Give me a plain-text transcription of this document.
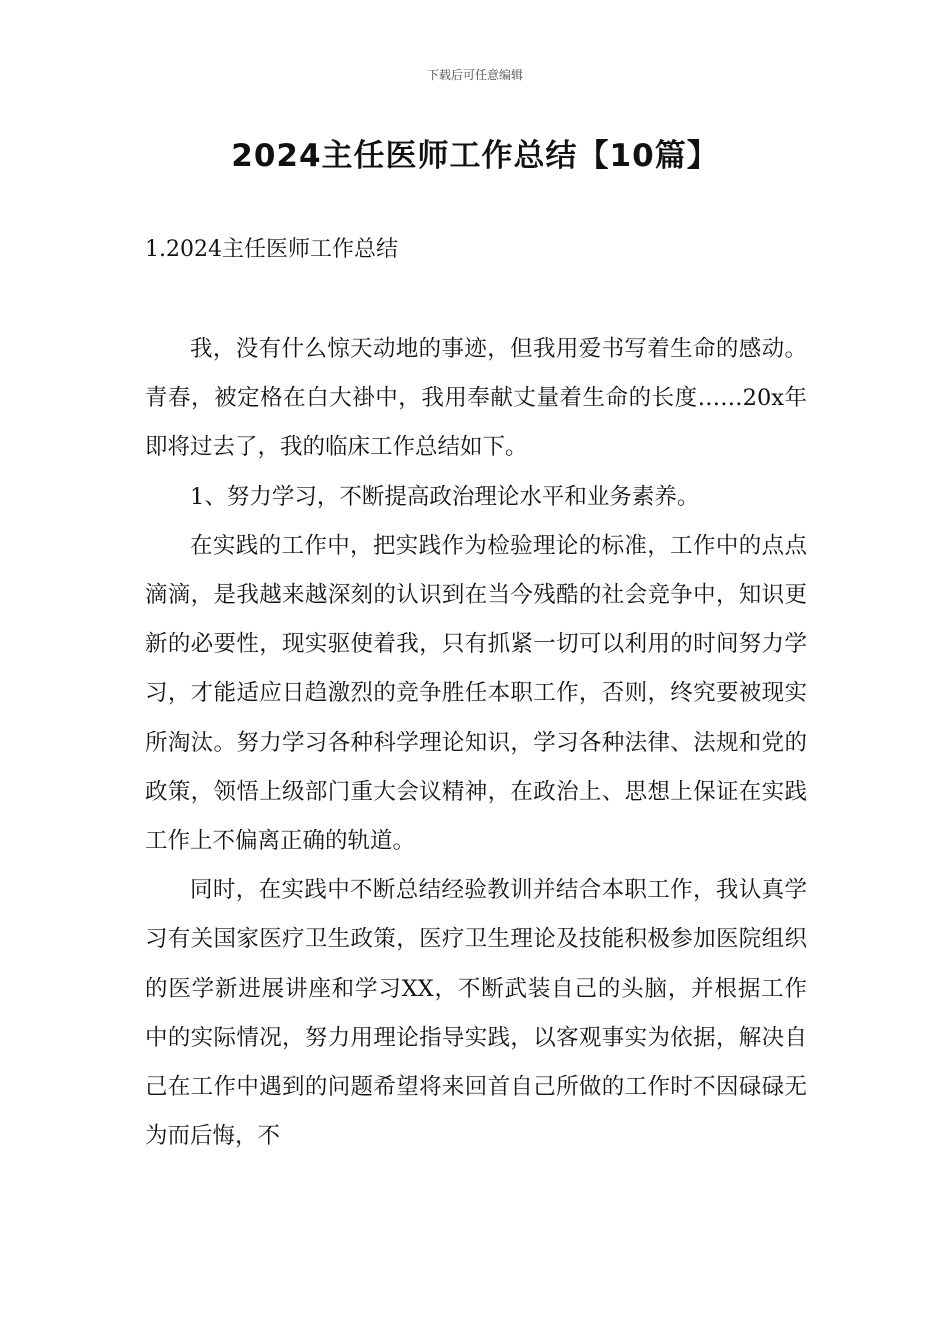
下载后可任意编辑
2024主任医师工作总结【10篇】
1.2024主任医师工作总结

我，没有什么惊天动地的事迹，但我用爱书写着生命的感动。青春，被定格在白大褂中，我用奉献丈量着生命的长度……20x年即将过去了，我的临床工作总结如下。

1、努力学习，不断提高政治理论水平和业务素养。

在实践的工作中，把实践作为检验理论的标准，工作中的点点滴滴，是我越来越深刻的认识到在当今残酷的社会竞争中，知识更新的必要性，现实驱使着我，只有抓紧一切可以利用的时间努力学习，才能适应日趋激烈的竞争胜任本职工作，否则，终究要被现实所淘汰。努力学习各种科学理论知识，学习各种法律、法规和党的政策，领悟上级部门重大会议精神，在政治上、思想上保证在实践工作上不偏离正确的轨道。

同时，在实践中不断总结经验教训并结合本职工作，我认真学习有关国家医疗卫生政策，医疗卫生理论及技能积极参加医院组织的医学新进展讲座和学习XX，不断武装自己的头脑，并根据工作中的实际情况，努力用理论指导实践，以客观事实为依据，解决自己在工作中遇到的问题希望将来回首自己所做的工作时不因碌碌无为而后悔，不
